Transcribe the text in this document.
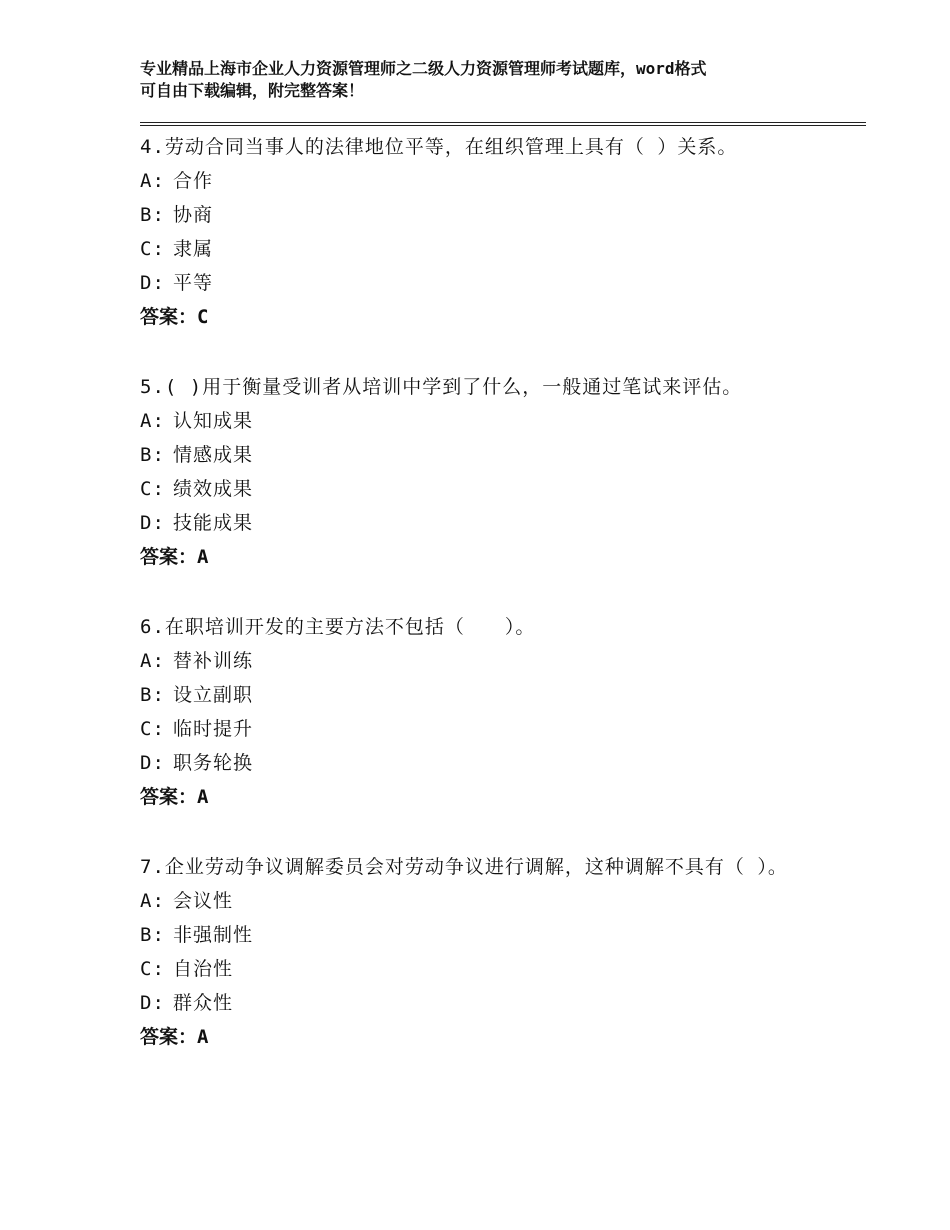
专业精品上海市企业人力资源管理师之二级人力资源管理师考试题库，word格式
可自由下载编辑，附完整答案！
4.劳动合同当事人的法律地位平等，在组织管理上具有（ ）关系。
A: 合作
B: 协商
C: 隶属
D: 平等
答案：C
5.( )用于衡量受训者从培训中学到了什么，一般通过笔试来评估。
A: 认知成果
B: 情感成果
C: 绩效成果
D: 技能成果
答案：A
6.在职培训开发的主要方法不包括（　　）。
A: 替补训练
B: 设立副职
C: 临时提升
D: 职务轮换
答案：A
7.企业劳动争议调解委员会对劳动争议进行调解，这种调解不具有（ ）。
A: 会议性
B: 非强制性
C: 自治性
D: 群众性
答案：A
